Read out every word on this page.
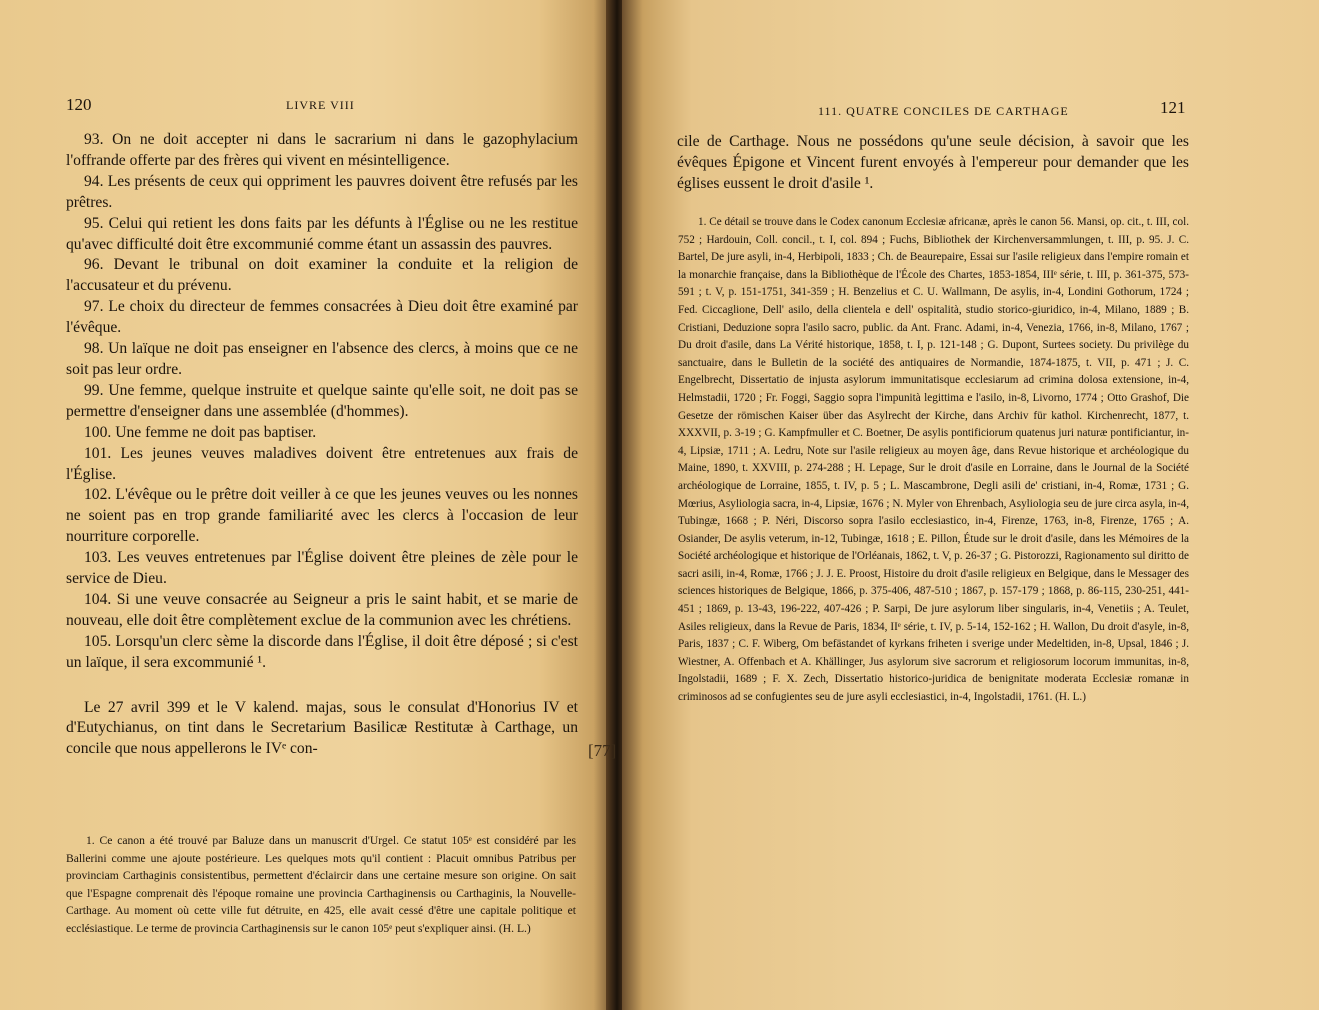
120	LIVRE VIII

93. On ne doit accepter ni dans le sacrarium ni dans le gazophylacium l'offrande offerte par des frères qui vivent en mésintelligence.

94. Les présents de ceux qui oppriment les pauvres doivent être refusés par les prêtres.

95. Celui qui retient les dons faits par les défunts à l'Église ou ne les restitue qu'avec difficulté doit être excommunié comme étant un assassin des pauvres.

96. Devant le tribunal on doit examiner la conduite et la religion de l'accusateur et du prévenu.

97. Le choix du directeur de femmes consacrées à Dieu doit être examiné par l'évêque.

98. Un laïque ne doit pas enseigner en l'absence des clercs, à moins que ce ne soit pas leur ordre.

99. Une femme, quelque instruite et quelque sainte qu'elle soit, ne doit pas se permettre d'enseigner dans une assemblée (d'hommes).

100. Une femme ne doit pas baptiser.

101. Les jeunes veuves maladives doivent être entretenues aux frais de l'Église.

102. L'évêque ou le prêtre doit veiller à ce que les jeunes veuves ou les nonnes ne soient pas en trop grande familiarité avec les clercs à l'occasion de leur nourriture corporelle.

103. Les veuves entretenues par l'Église doivent être pleines de zèle pour le service de Dieu.

104. Si une veuve consacrée au Seigneur a pris le saint habit, et se marie de nouveau, elle doit être complètement exclue de la communion avec les chrétiens.

105. Lorsqu'un clerc sème la discorde dans l'Église, il doit être déposé ; si c'est un laïque, il sera excommunié ¹.

Le 27 avril 399 et le V kalend. majas, sous le consulat d'Honorius IV et d'Eutychianus, on tint dans le Secretarium Basilicæ Restitutæ à Carthage, un concile que nous appellerons le IVᵉ con-

1. Ce canon a été trouvé par Baluze dans un manuscrit d'Urgel. Ce statut 105ᵉ est considéré par les Ballerini comme une ajoute postérieure. Les quelques mots qu'il contient : Placuit omnibus Patribus per provinciam Carthaginis consistentibus, permettent d'éclaircir dans une certaine mesure son origine. On sait que l'Espagne comprenait dès l'époque romaine une provincia Carthaginensis ou Carthaginis, la Nouvelle-Carthage. Au moment où cette ville fut détruite, en 425, elle avait cessé d'être une capitale politique et ecclésiastique. Le terme de provincia Carthaginensis sur le canon 105ᵉ peut s'expliquer ainsi. (H. L.)

[77]
111. QUATRE CONCILES DE CARTHAGE	121

cile de Carthage. Nous ne possédons qu'une seule décision, à savoir que les évêques Épigone et Vincent furent envoyés à l'empereur pour demander que les églises eussent le droit d'asile ¹.

1. Ce détail se trouve dans le Codex canonum Ecclesiæ africanæ, après le canon 56. Mansi, op. cit., t. III, col. 752 ; Hardouin, Coll. concil., t. I, col. 894 ; Fuchs, Bibliothek der Kirchenversammlungen, t. III, p. 95. J. C. Bartel, De jure asyli, in-4, Herbipoli, 1833 ; Ch. de Beaurepaire, Essai sur l'asile religieux dans l'empire romain et la monarchie française, dans la Bibliothèque de l'École des Chartes, 1853-1854, IIIᵉ série, t. III, p. 361-375, 573-591 ; t. V, p. 151-1751, 341-359 ; H. Benzelius et C. U. Wallmann, De asylis, in-4, Londini Gothorum, 1724 ; Fed. Ciccaglione, Dell' asilo, della clientela e dell' ospitalità, studio storico-giuridico, in-4, Milano, 1889 ; B. Cristiani, Deduzione sopra l'asilo sacro, public. da Ant. Franc. Adami, in-4, Venezia, 1766, in-8, Milano, 1767 ; Du droit d'asile, dans La Vérité historique, 1858, t. I, p. 121-148 ; G. Dupont, Surtees society. Du privilège du sanctuaire, dans le Bulletin de la société des antiquaires de Normandie, 1874-1875, t. VII, p. 471 ; J. C. Engelbrecht, Dissertatio de injusta asylorum immunitatisque ecclesiarum ad crimina dolosa extensione, in-4, Helmstadii, 1720 ; Fr. Foggi, Saggio sopra l'impunità legittima e l'asilo, in-8, Livorno, 1774 ; Otto Grashof, Die Gesetze der römischen Kaiser über das Asylrecht der Kirche, dans Archiv für kathol. Kirchenrecht, 1877, t. XXXVII, p. 3-19 ; G. Kampfmuller et C. Boetner, De asylis pontificiorum quatenus juri naturæ pontificiantur, in-4, Lipsiæ, 1711 ; A. Ledru, Note sur l'asile religieux au moyen âge, dans Revue historique et archéologique du Maine, 1890, t. XXVIII, p. 274-288 ; H. Lepage, Sur le droit d'asile en Lorraine, dans le Journal de la Société archéologique de Lorraine, 1855, t. IV, p. 5 ; L. Mascambrone, Degli asili de' cristiani, in-4, Romæ, 1731 ; G. Mœrius, Asyliologia sacra, in-4, Lipsiæ, 1676 ; N. Myler von Ehrenbach, Asyliologia seu de jure circa asyla, in-4, Tubingæ, 1668 ; P. Néri, Discorso sopra l'asilo ecclesiastico, in-4, Firenze, 1763, in-8, Firenze, 1765 ; A. Osiander, De asylis veterum, in-12, Tubingæ, 1618 ; E. Pillon, Étude sur le droit d'asile, dans les Mémoires de la Société archéologique et historique de l'Orléanais, 1862, t. V, p. 26-37 ; G. Pistorozzi, Ragionamento sul diritto de sacri asili, in-4, Romæ, 1766 ; J. J. E. Proost, Histoire du droit d'asile religieux en Belgique, dans le Messager des sciences historiques de Belgique, 1866, p. 375-406, 487-510 ; 1867, p. 157-179 ; 1868, p. 86-115, 230-251, 441-451 ; 1869, p. 13-43, 196-222, 407-426 ; P. Sarpi, De jure asylorum liber singularis, in-4, Venetiis ; A. Teulet, Asiles religieux, dans la Revue de Paris, 1834, IIᵉ série, t. IV, p. 5-14, 152-162 ; H. Wallon, Du droit d'asyle, in-8, Paris, 1837 ; C. F. Wiberg, Om befästandet of kyrkans friheten i sverige under Medeltiden, in-8, Upsal, 1846 ; J. Wiestner, A. Offenbach et A. Khällinger, Jus asylorum sive sacrorum et religiosorum locorum immunitas, in-8, Ingolstadii, 1689 ; F. X. Zech, Dissertatio historico-juridica de benignitate moderata Ecclesiæ romanæ in criminosos ad se confugientes seu de jure asyli ecclesiastici, in-4, Ingolstadii, 1761. (H. L.)
